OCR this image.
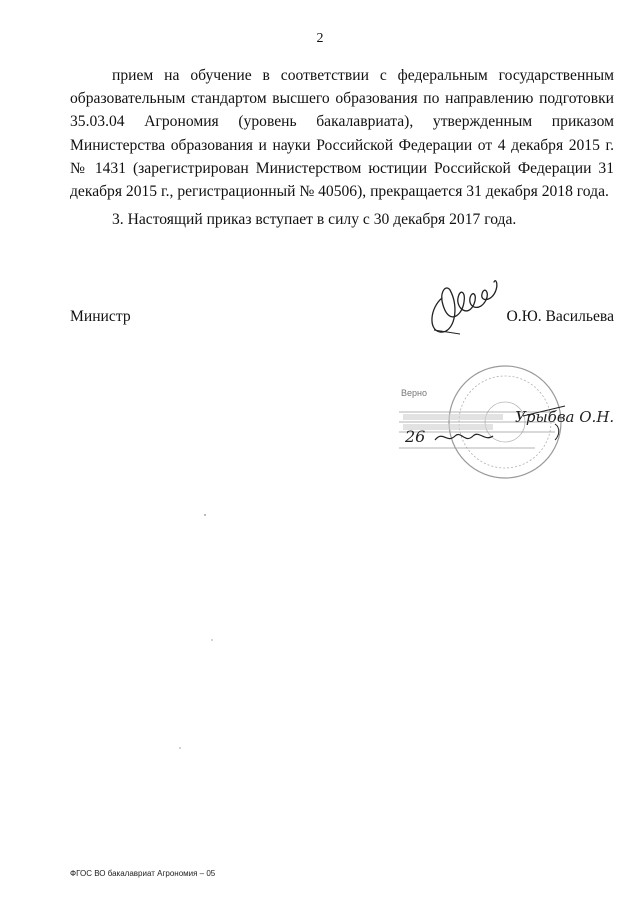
2

прием на обучение в соответствии с федеральным государственным образовательным стандартом высшего образования по направлению подготовки 35.03.04 Агрономия (уровень бакалавриата), утвержденным приказом Министерства образования и науки Российской Федерации от 4 декабря 2015 г. № 1431 (зарегистрирован Министерством юстиции Российской Федерации 31 декабря 2015 г., регистрационный № 40506), прекращается 31 декабря 2018 года.

3. Настоящий приказ вступает в силу с 30 декабря 2017 года.

Министр	О.Ю. Васильева
26
Урыбва О.Н.
Верно
ФГОС ВО бакалавриат Агрономия – 05
